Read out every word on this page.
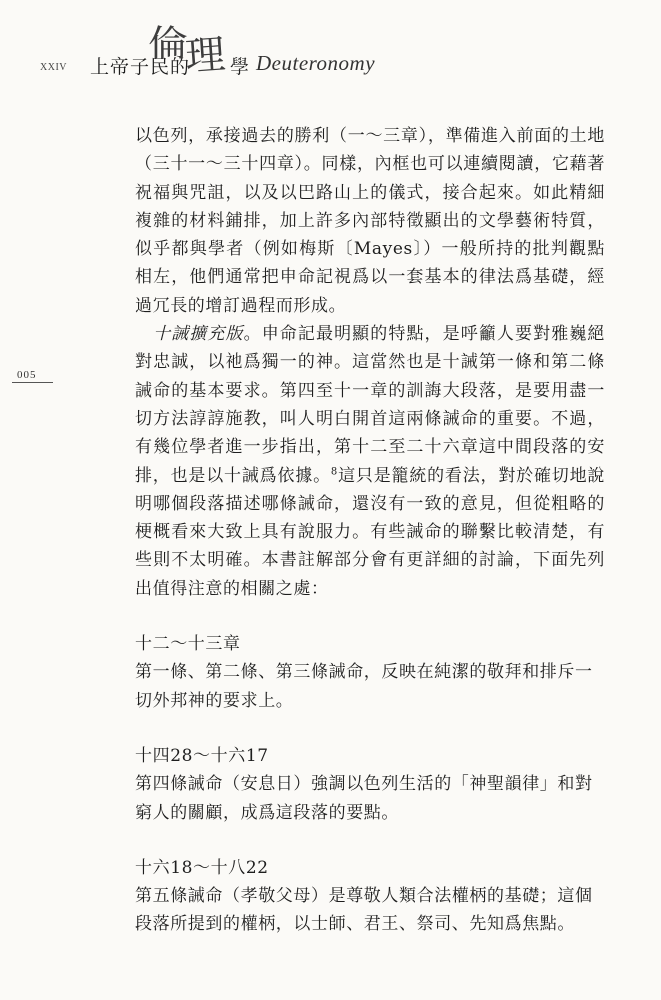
XXIV 上帝子民的
倫
理 學 Deuteronomy
005

以色列，承接過去的勝利（一～三章），準備進入前面的土地（三十一～三十四章）。同樣，內框也可以連續閱讀，它藉著祝福與咒詛，以及以巴路山上的儀式，接合起來。如此精細複雜的材料鋪排，加上許多內部特徵顯出的文學藝術特質，似乎都與學者（例如梅斯〔Mayes〕）一般所持的批判觀點相左，他們通常把申命記視爲以一套基本的律法爲基礎，經過冗長的增訂過程而形成。

 十誡擴充版。申命記最明顯的特點，是呼籲人要對雅巍絕對忠誠，以祂爲獨一的神。這當然也是十誡第一條和第二條誡命的基本要求。第四至十一章的訓誨大段落，是要用盡一切方法諄諄施教，叫人明白開首這兩條誡命的重要。不過，有幾位學者進一步指出，第十二至二十六章這中間段落的安排，也是以十誡爲依據。$^8$這只是籠統的看法，對於確切地說明哪個段落描述哪條誡命，還沒有一致的意見，但從粗略的梗概看來大致上具有說服力。有些誡命的聯繫比較清楚，有些則不太明確。本書註解部分會有更詳細的討論，下面先列出值得注意的相關之處：

十二～十三章

第一條、第二條、第三條誡命，反映在純潔的敬拜和排斥一切外邦神的要求上。

十四28～十六17

第四條誡命（安息日）強調以色列生活的「神聖韻律」和對窮人的關顧，成爲這段落的要點。

十六18～十八22

第五條誡命（孝敬父母）是尊敬人類合法權柄的基礎；這個段落所提到的權柄，以士師、君王、祭司、先知爲焦點。
